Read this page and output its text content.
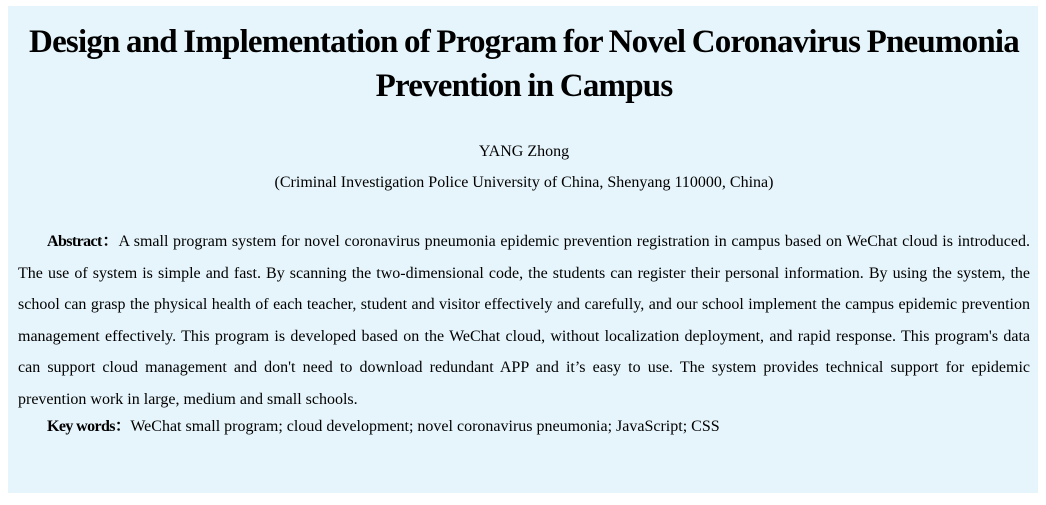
Design and Implementation of Program for Novel Coronavirus Pneumonia
Prevention in Campus

YANG Zhong

(Criminal Investigation Police University of China, Shenyang 110000, China)

Abstract：A small program system for novel coronavirus pneumonia epidemic prevention registration in campus based on WeChat cloud is introduced. The use of system is simple and fast. By scanning the two-dimensional code, the students can register their personal information. By using the system, the school can grasp the physical health of each teacher, student and visitor effectively and carefully, and our school implement the campus epidemic prevention management effectively. This program is developed based on the WeChat cloud, without localization deployment, and rapid response. This program's data can support cloud management and don't need to download redundant APP and it’s easy to use. The system provides technical support for epidemic prevention work in large, medium and small schools.

Key words：WeChat small program; cloud development; novel coronavirus pneumonia; JavaScript; CSS
